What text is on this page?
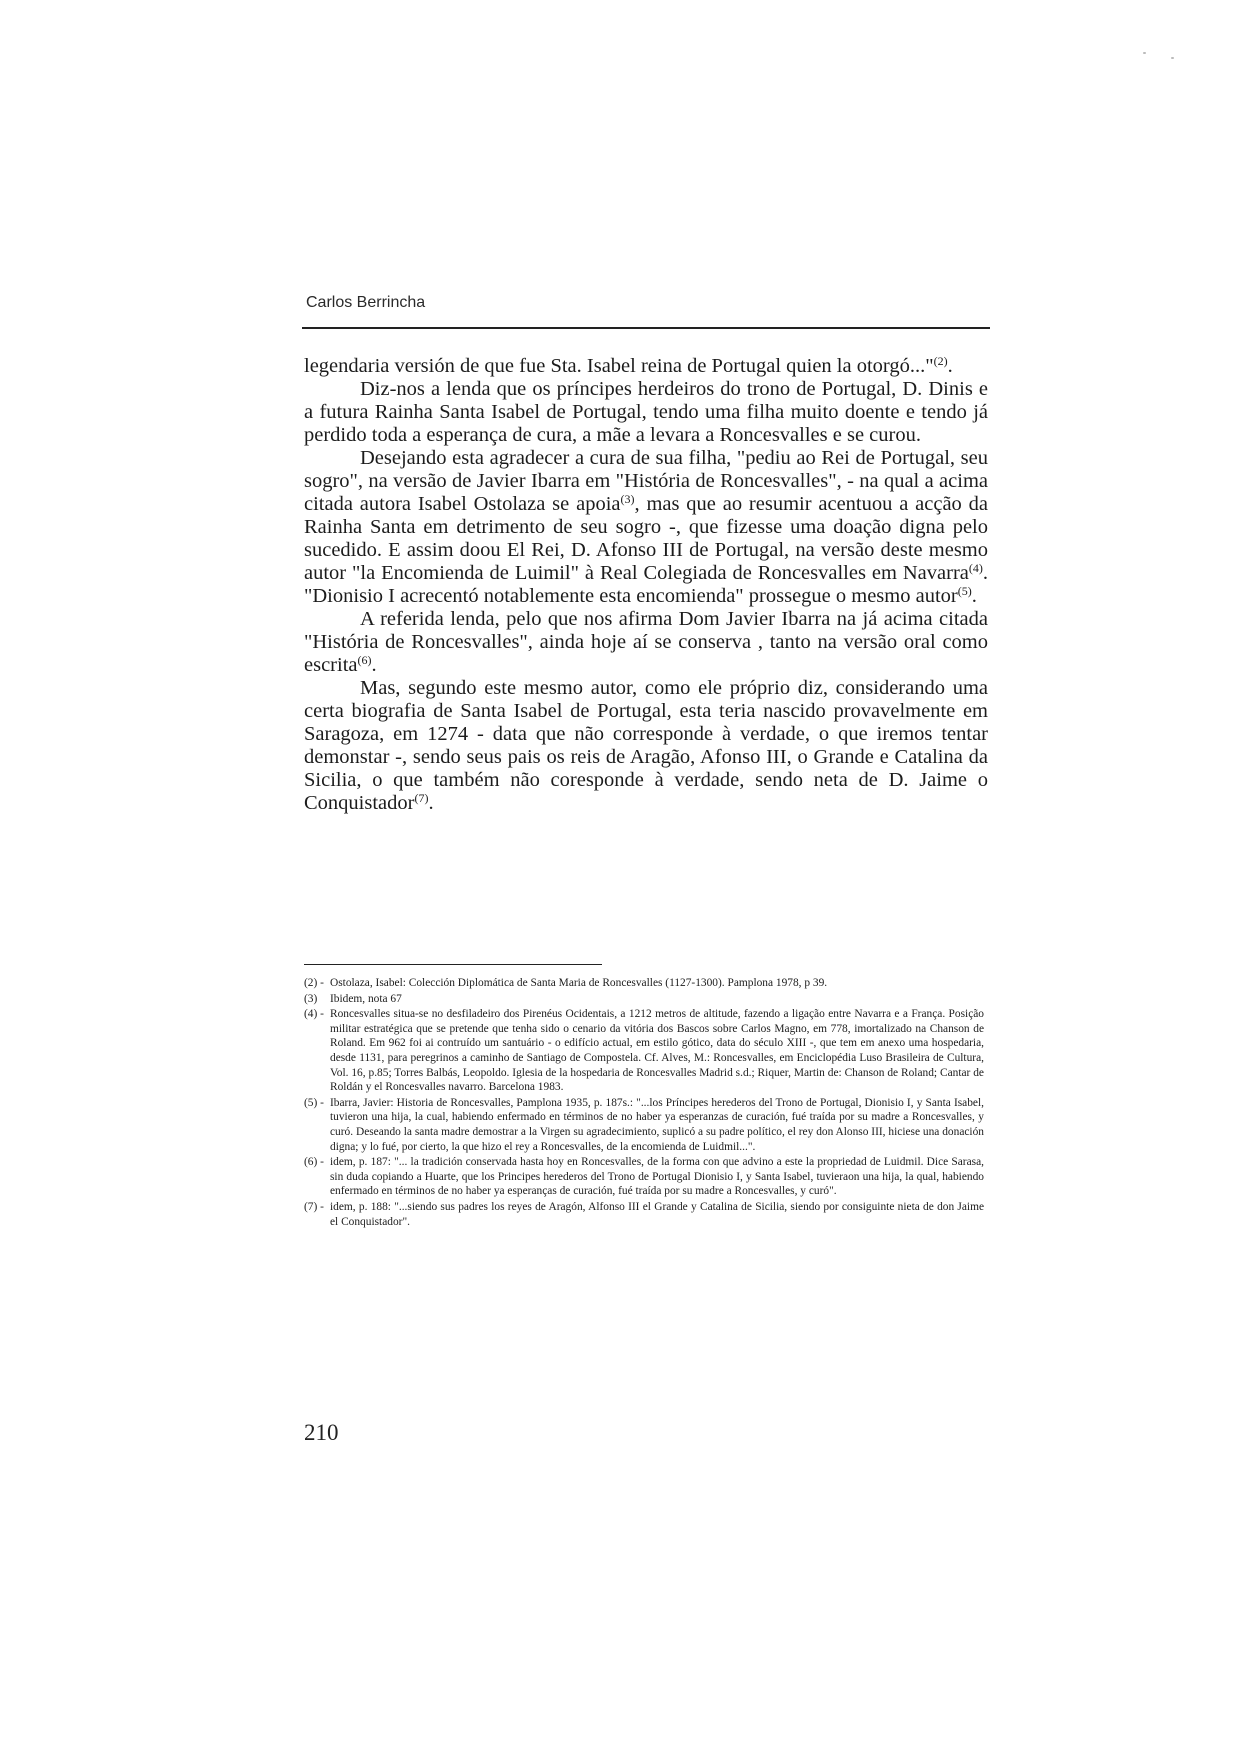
Carlos Berrincha

legendaria versión de que fue Sta. Isabel reina de Portugal quien la otorgó..."$^{(2)}$.

Diz-nos a lenda que os príncipes herdeiros do trono de Portugal, D. Dinis e a futura Rainha Santa Isabel de Portugal, tendo uma filha muito doente e tendo já perdido toda a esperança de cura, a mãe a levara a Roncesvalles e se curou.

Desejando esta agradecer a cura de sua filha, "pediu ao Rei de Portugal, seu sogro", na versão de Javier Ibarra em "História de Roncesvalles", - na qual a acima citada autora Isabel Ostolaza se apoia$^{(3)}$, mas que ao resumir acentuou a acção da Rainha Santa em detrimento de seu sogro -, que fizesse uma doação digna pelo sucedido. E assim doou El Rei, D. Afonso III de Portugal, na versão deste mesmo autor "la Encomienda de Luimil" à Real Colegiada de Roncesvalles em Navarra$^{(4)}$. "Dionisio I acrecentó notablemente esta encomienda" prossegue o mesmo autor$^{(5)}$.

A referida lenda, pelo que nos afirma Dom Javier Ibarra na já acima citada "História de Roncesvalles", ainda hoje aí se conserva , tanto na versão oral como escrita$^{(6)}$.

Mas, segundo este mesmo autor, como ele próprio diz, considerando uma certa biografia de Santa Isabel de Portugal, esta teria nascido provavelmente em Saragoza, em 1274 - data que não corresponde à verdade, o que iremos tentar demonstar -, sendo seus pais os reis de Aragão, Afonso III, o Grande e Catalina da Sicilia, o que também não coresponde à verdade, sendo neta de D. Jaime o Conquistador$^{(7)}$.

(2) - Ostolaza, Isabel: Colección Diplomática de Santa Maria de Roncesvalles (1127-1300). Pamplona 1978, p 39.
(3)	Ibidem, nota 67
(4) - Roncesvalles situa-se no desfiladeiro dos Pirenéus Ocidentais, a 1212 metros de altitude, fazendo a ligação entre Navarra e a França. Posição militar estratégica que se pretende que tenha sido o cenario da vitória dos Bascos sobre Carlos Magno, em 778, imortalizado na Chanson de Roland. Em 962 foi ai contruído um santuário - o edifício actual, em estilo gótico, data do século XIII -, que tem em anexo uma hospedaria, desde 1131, para peregrinos a caminho de Santiago de Compostela. Cf. Alves, M.: Roncesvalles, em Enciclopédia Luso Brasileira de Cultura, Vol. 16, p.85; Torres Balbás, Leopoldo. Iglesia de la hospedaria de Roncesvalles Madrid s.d.; Riquer, Martin de: Chanson de Roland; Cantar de Roldán y el Roncesvalles navarro. Barcelona 1983.
(5) - Ibarra, Javier: Historia de Roncesvalles, Pamplona 1935, p. 187s.: "...los Príncipes herederos del Trono de Portugal, Dionisio I, y Santa Isabel, tuvieron una hija, la cual, habiendo enfermado en términos de no haber ya esperanzas de curación, fué traída por su madre a Roncesvalles, y curó. Deseando la santa madre demostrar a la Virgen su agradecimiento, suplicó a su padre político, el rey don Alonso III, hiciese una donación digna; y lo fué, por cierto, la que hizo el rey a Roncesvalles, de la encomienda de Luidmil...".
(6) - idem, p. 187: "... la tradición conservada hasta hoy en Roncesvalles, de la forma con que advino a este la propriedad de Luidmil. Dice Sarasa, sin duda copiando a Huarte, que los Principes herederos del Trono de Portugal Dionisio I, y Santa Isabel, tuvieraon una hija, la qual, habiendo enfermado en términos de no haber ya esperanças de curación, fué traída por su madre a Roncesvalles, y curó".
(7) - idem, p. 188: "...siendo sus padres los reyes de Aragón, Alfonso III el Grande y Catalina de Sicilia, siendo por consiguinte nieta de don Jaime el Conquistador".
210
